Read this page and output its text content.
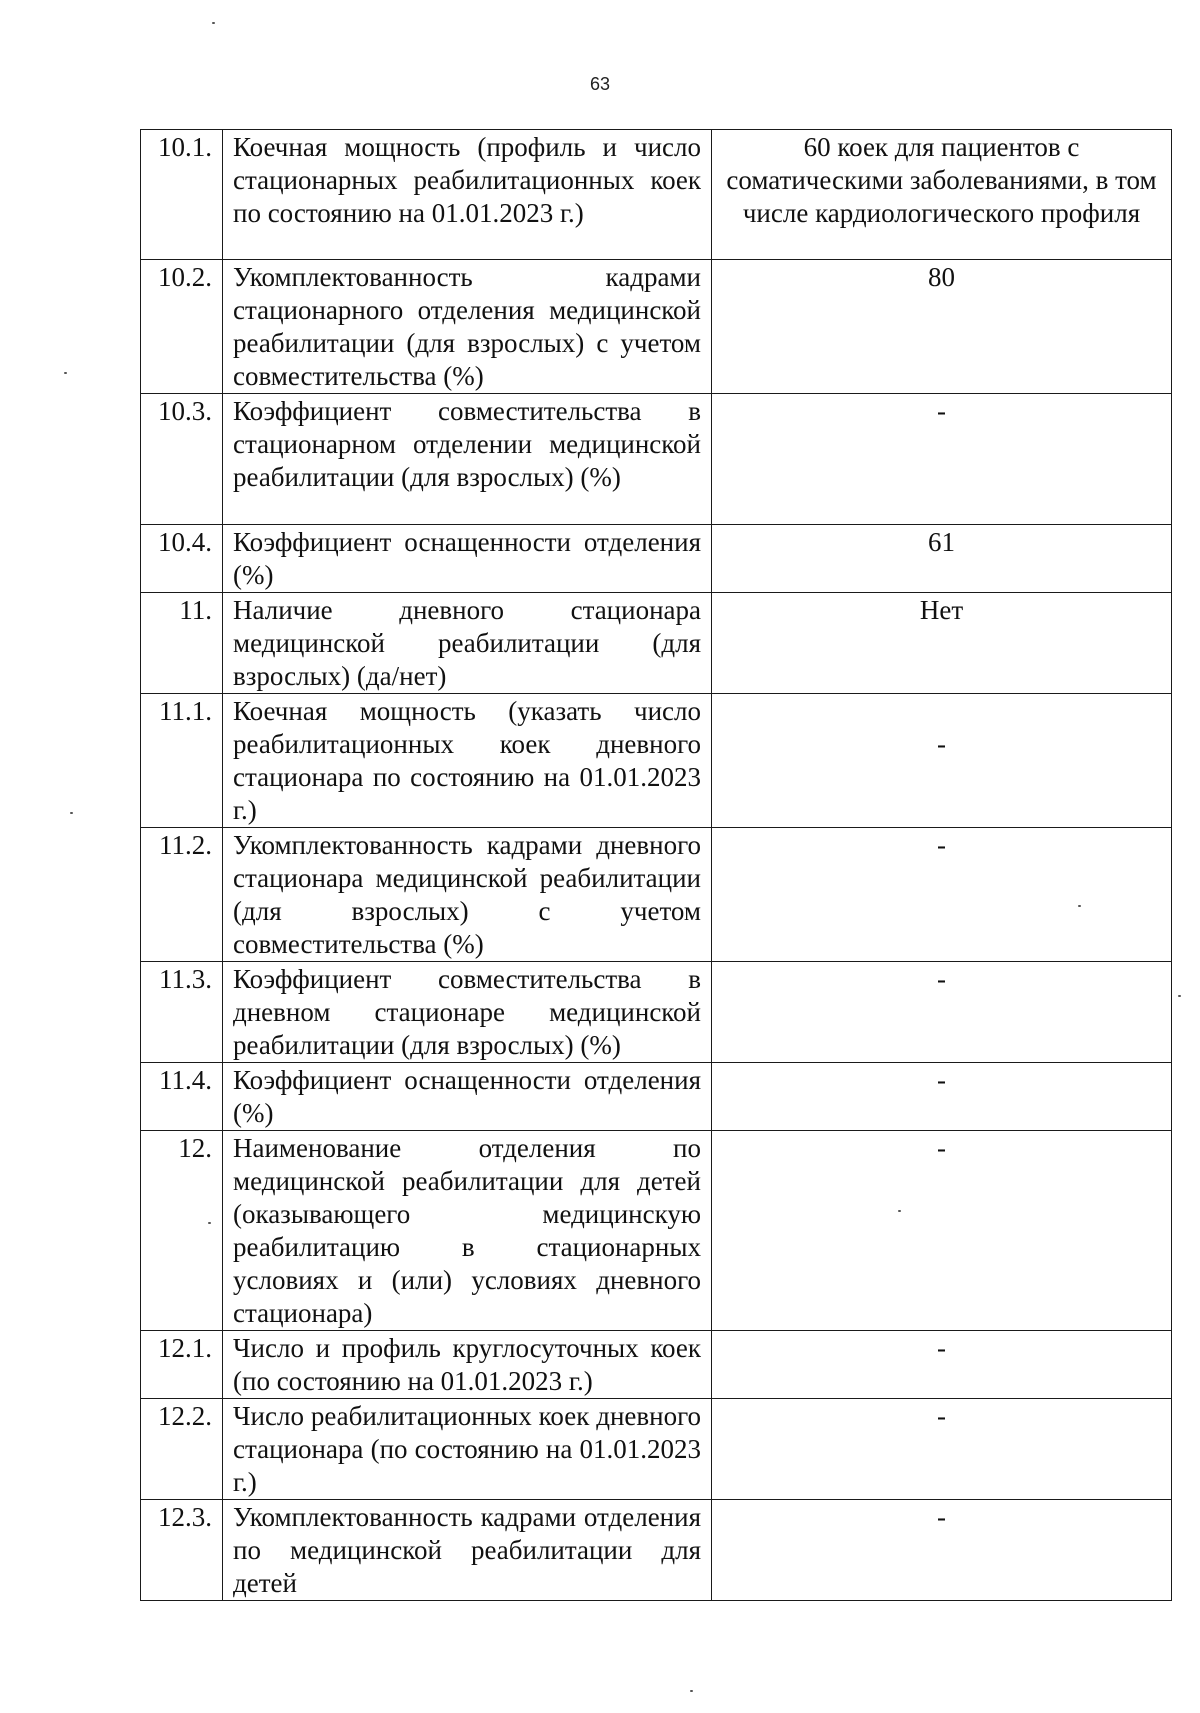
63
10.1.	Коечная мощность (профиль и число стационарных реабилитационных коек по состоянию на 01.01.2023 г.)	60 коек для пациентов с соматическими заболеваниями, в том числе кардиологического профиля
10.2.	Укомплектованность кадрами стационарного отделения медицинской реабилитации (для взрослых) с учетом совместительства (%)	80
10.3.	Коэффициент совместительства в стационарном отделении медицинской реабилитации (для взрослых) (%)	-
10.4.	Коэффициент оснащенности отделения (%)	61
11.	Наличие дневного стационара медицинской реабилитации (для взрослых) (да/нет)	Нет
11.1.	Коечная мощность (указать число реабилитационных коек дневного стационара по состоянию на 01.01.2023 г.)	-

11.2.	Укомплектованность кадрами дневного стационара медицинской реабилитации (для взрослых) с учетом совместительства (%)	-
11.3.	Коэффициент совместительства в дневном стационаре медицинской реабилитации (для взрослых) (%)	-
11.4.	Коэффициент оснащенности отделения (%)	-
12.	Наименование отделения по медицинской реабилитации для детей (оказывающего медицинскую реабилитацию в стационарных условиях и (или) условиях дневного стационара)	-
12.1.	Число и профиль круглосуточных коек (по состоянию на 01.01.2023 г.)	-
12.2.	Число реабилитационных коек дневного стационара (по состоянию на 01.01.2023 г.)	-
12.3.	Укомплектованность кадрами отделения по медицинской реабилитации для детей	-
